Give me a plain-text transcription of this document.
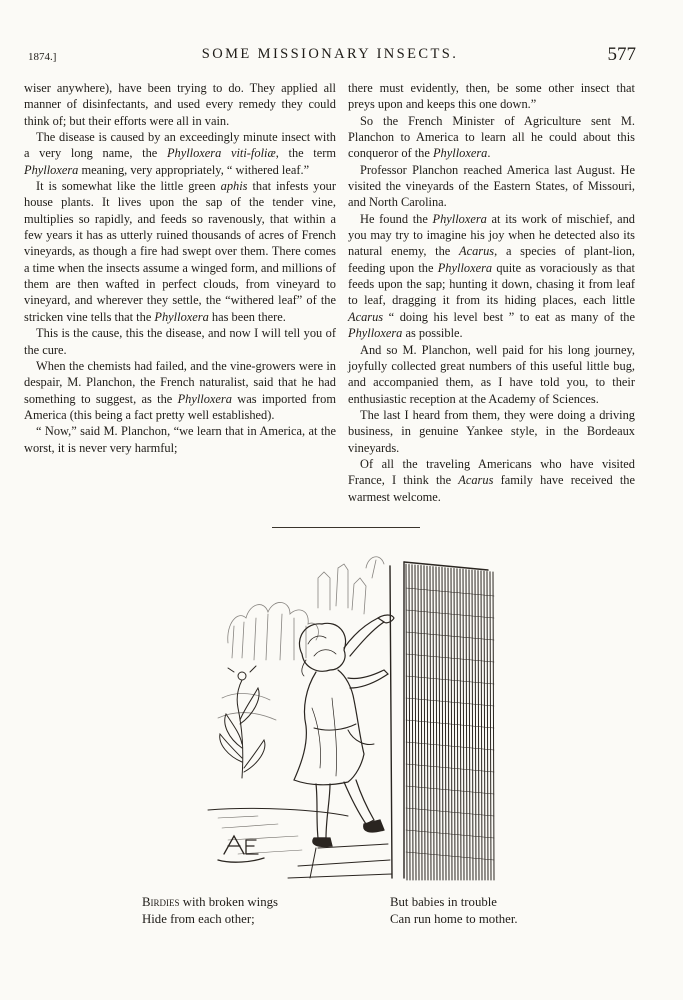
1874.]	SOME MISSIONARY INSECTS.	577

wiser anywhere), have been trying to do. They applied all manner of disinfectants, and used every remedy they could think of; but their efforts were all in vain.

The disease is caused by an exceedingly minute insect with a very long name, the Phylloxera viti-foliæ, the term Phylloxera meaning, very appropriately, “ withered leaf.”

It is somewhat like the little green aphis that infests your house plants. It lives upon the sap of the tender vine, multiplies so rapidly, and feeds so ravenously, that within a few years it has as utterly ruined thousands of acres of French vineyards, as though a fire had swept over them. There comes a time when the insects assume a winged form, and millions of them are then wafted in perfect clouds, from vineyard to vineyard, and wherever they settle, the “withered leaf” of the stricken vine tells that the Phylloxera has been there.

This is the cause, this the disease, and now I will tell you of the cure.

When the chemists had failed, and the vine-growers were in despair, M. Planchon, the French naturalist, said that he had something to suggest, as the Phylloxera was imported from America (this being a fact pretty well established).

“ Now,” said M. Planchon, “we learn that in America, at the worst, it is never very harmful;

there must evidently, then, be some other insect that preys upon and keeps this one down.”

So the French Minister of Agriculture sent M. Planchon to America to learn all he could about this conqueror of the Phylloxera.

Professor Planchon reached America last August. He visited the vineyards of the Eastern States, of Missouri, and North Carolina.

He found the Phylloxera at its work of mischief, and you may try to imagine his joy when he detected also its natural enemy, the Acarus, a species of plant-lion, feeding upon the Phylloxera quite as voraciously as that feeds upon the sap; hunting it down, chasing it from leaf to leaf, dragging it from its hiding places, each little Acarus “ doing his level best ” to eat as many of the Phylloxera as possible.

And so M. Planchon, well paid for his long journey, joyfully collected great numbers of this useful little bug, and accompanied them, as I have told you, to their enthusiastic reception at the Academy of Sciences.

The last I heard from them, they were doing a driving business, in genuine Yankee style, in the Bordeaux vineyards.

Of all the traveling Americans who have visited France, I think the Acarus family have received the warmest welcome.

Birdies with broken wings
Hide from each other;
But babies in trouble
Can run home to mother.
